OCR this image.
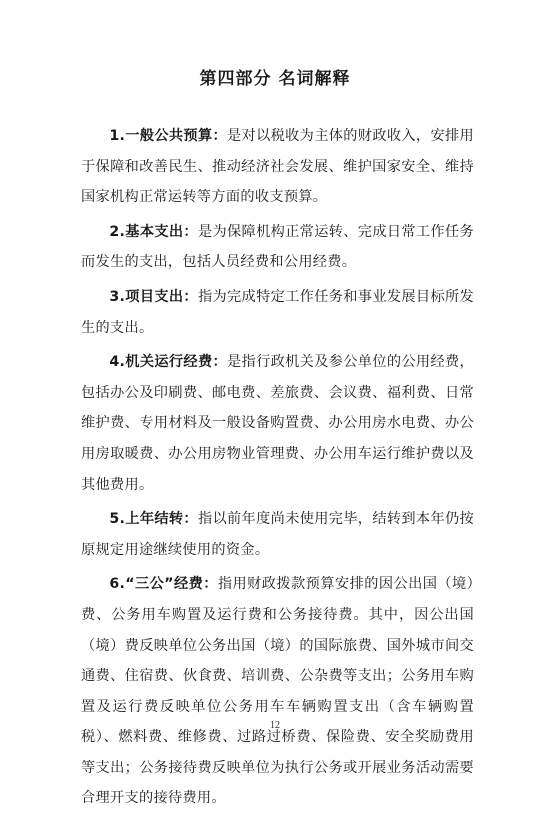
第四部分 名词解释

1.一般公共预算：是对以税收为主体的财政收入，安排用于保障和改善民生、推动经济社会发展、维护国家安全、维持国家机构正常运转等方面的收支预算。

2.基本支出：是为保障机构正常运转、完成日常工作任务而发生的支出，包括人员经费和公用经费。

3.项目支出：指为完成特定工作任务和事业发展目标所发生的支出。

4.机关运行经费：是指行政机关及参公单位的公用经费，包括办公及印刷费、邮电费、差旅费、会议费、福利费、日常维护费、专用材料及一般设备购置费、办公用房水电费、办公用房取暖费、办公用房物业管理费、办公用车运行维护费以及其他费用。

5.上年结转：指以前年度尚未使用完毕，结转到本年仍按原规定用途继续使用的资金。

6.“三公”经费：指用财政拨款预算安排的因公出国（境）费、公务用车购置及运行费和公务接待费。其中，因公出国（境）费反映单位公务出国（境）的国际旅费、国外城市间交通费、住宿费、伙食费、培训费、公杂费等支出；公务用车购置及运行费反映单位公务用车车辆购置支出（含车辆购置税）、燃料费、维修费、过路过桥费、保险费、安全奖励费用等支出；公务接待费反映单位为执行公务或开展业务活动需要合理开支的接待费用。

12
